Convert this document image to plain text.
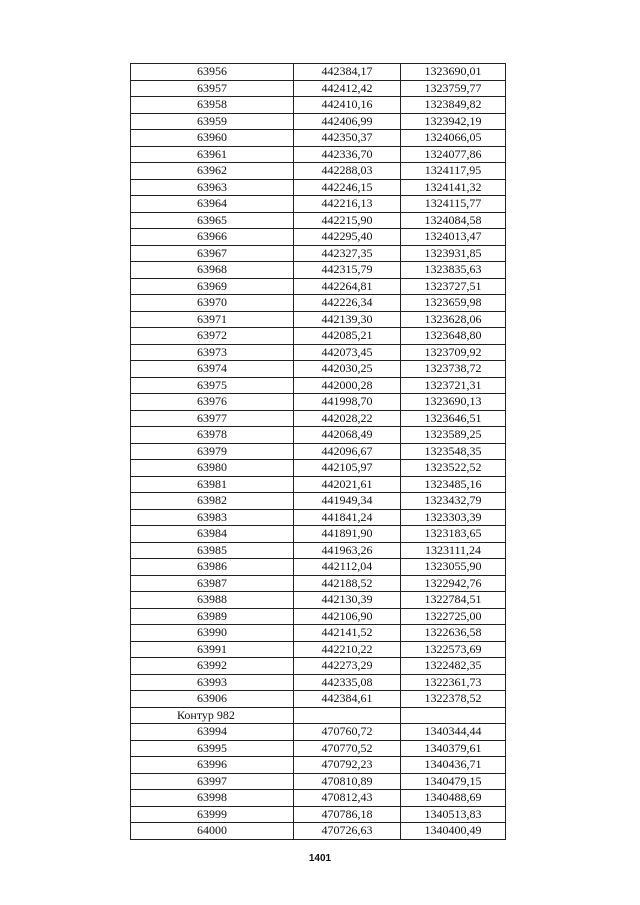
63956	442384,17	1323690,01
63957	442412,42	1323759,77
63958	442410,16	1323849,82
63959	442406,99	1323942,19
63960	442350,37	1324066,05
63961	442336,70	1324077,86
63962	442288,03	1324117,95
63963	442246,15	1324141,32
63964	442216,13	1324115,77
63965	442215,90	1324084,58
63966	442295,40	1324013,47
63967	442327,35	1323931,85
63968	442315,79	1323835,63
63969	442264,81	1323727,51
63970	442226,34	1323659,98
63971	442139,30	1323628,06
63972	442085,21	1323648,80
63973	442073,45	1323709,92
63974	442030,25	1323738,72
63975	442000,28	1323721,31
63976	441998,70	1323690,13
63977	442028,22	1323646,51
63978	442068,49	1323589,25
63979	442096,67	1323548,35
63980	442105,97	1323522,52
63981	442021,61	1323485,16
63982	441949,34	1323432,79
63983	441841,24	1323303,39
63984	441891,90	1323183,65
63985	441963,26	1323111,24
63986	442112,04	1323055,90
63987	442188,52	1322942,76
63988	442130,39	1322784,51
63989	442106,90	1322725,00
63990	442141,52	1322636,58
63991	442210,22	1322573,69
63992	442273,29	1322482,35
63993	442335,08	1322361,73
63906	442384,61	1322378,52
Контур 982		
63994	470760,72	1340344,44
63995	470770,52	1340379,61
63996	470792,23	1340436,71
63997	470810,89	1340479,15
63998	470812,43	1340488,69
63999	470786,18	1340513,83
64000	470726,63	1340400,49
1401
